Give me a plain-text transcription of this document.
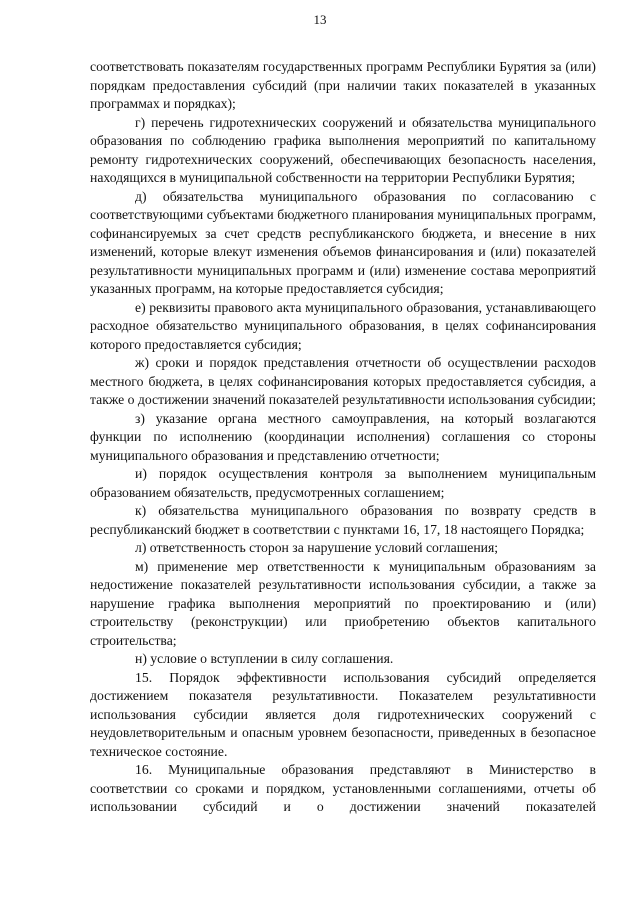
13

соответствовать показателям государственных программ Республики Бурятия за (или) порядкам предоставления субсидий (при наличии таких показателей в указанных программах и порядках);

г) перечень гидротехнических сооружений и обязательства муниципального образования по соблюдению графика выполнения мероприятий по капитальному ремонту гидротехнических сооружений, обеспечивающих безопасность населения, находящихся в муниципальной собственности на территории Республики Бурятия;

д) обязательства муниципального образования по согласованию с соответствующими субъектами бюджетного планирования муниципальных программ, софинансируемых за счет средств республиканского бюджета, и внесение в них изменений, которые влекут изменения объемов финансирования и (или) показателей результативности муниципальных программ и (или) изменение состава мероприятий указанных программ, на которые предоставляется субсидия;

е) реквизиты правового акта муниципального образования, устанавливающего расходное обязательство муниципального образования, в целях софинансирования которого предоставляется субсидия;

ж) сроки и порядок представления отчетности об осуществлении расходов местного бюджета, в целях софинансирования которых предоставляется субсидия, а также о достижении значений показателей результативности использования субсидии;

з) указание органа местного самоуправления, на который возлагаются функции по исполнению (координации исполнения) соглашения со стороны муниципального образования и представлению отчетности;

и) порядок осуществления контроля за выполнением муниципальным образованием обязательств, предусмотренных соглашением;

к) обязательства муниципального образования по возврату средств в республиканский бюджет в соответствии с пунктами 16, 17, 18 настоящего Порядка;

л) ответственность сторон за нарушение условий соглашения;

м) применение мер ответственности к муниципальным образованиям за недостижение показателей результативности использования субсидии, а также за нарушение графика выполнения мероприятий по проектированию и (или) строительству (реконструкции) или приобретению объектов капитального строительства;

н) условие о вступлении в силу соглашения.

15. Порядок эффективности использования субсидий определяется достижением показателя результативности. Показателем результативности использования субсидии является доля гидротехнических сооружений с неудовлетворительным и опасным уровнем безопасности, приведенных в безопасное техническое состояние.

16. Муниципальные образования представляют в Министерство в соответствии со сроками и порядком, установленными соглашениями, отчеты об использовании субсидий и о достижении значений показателей
